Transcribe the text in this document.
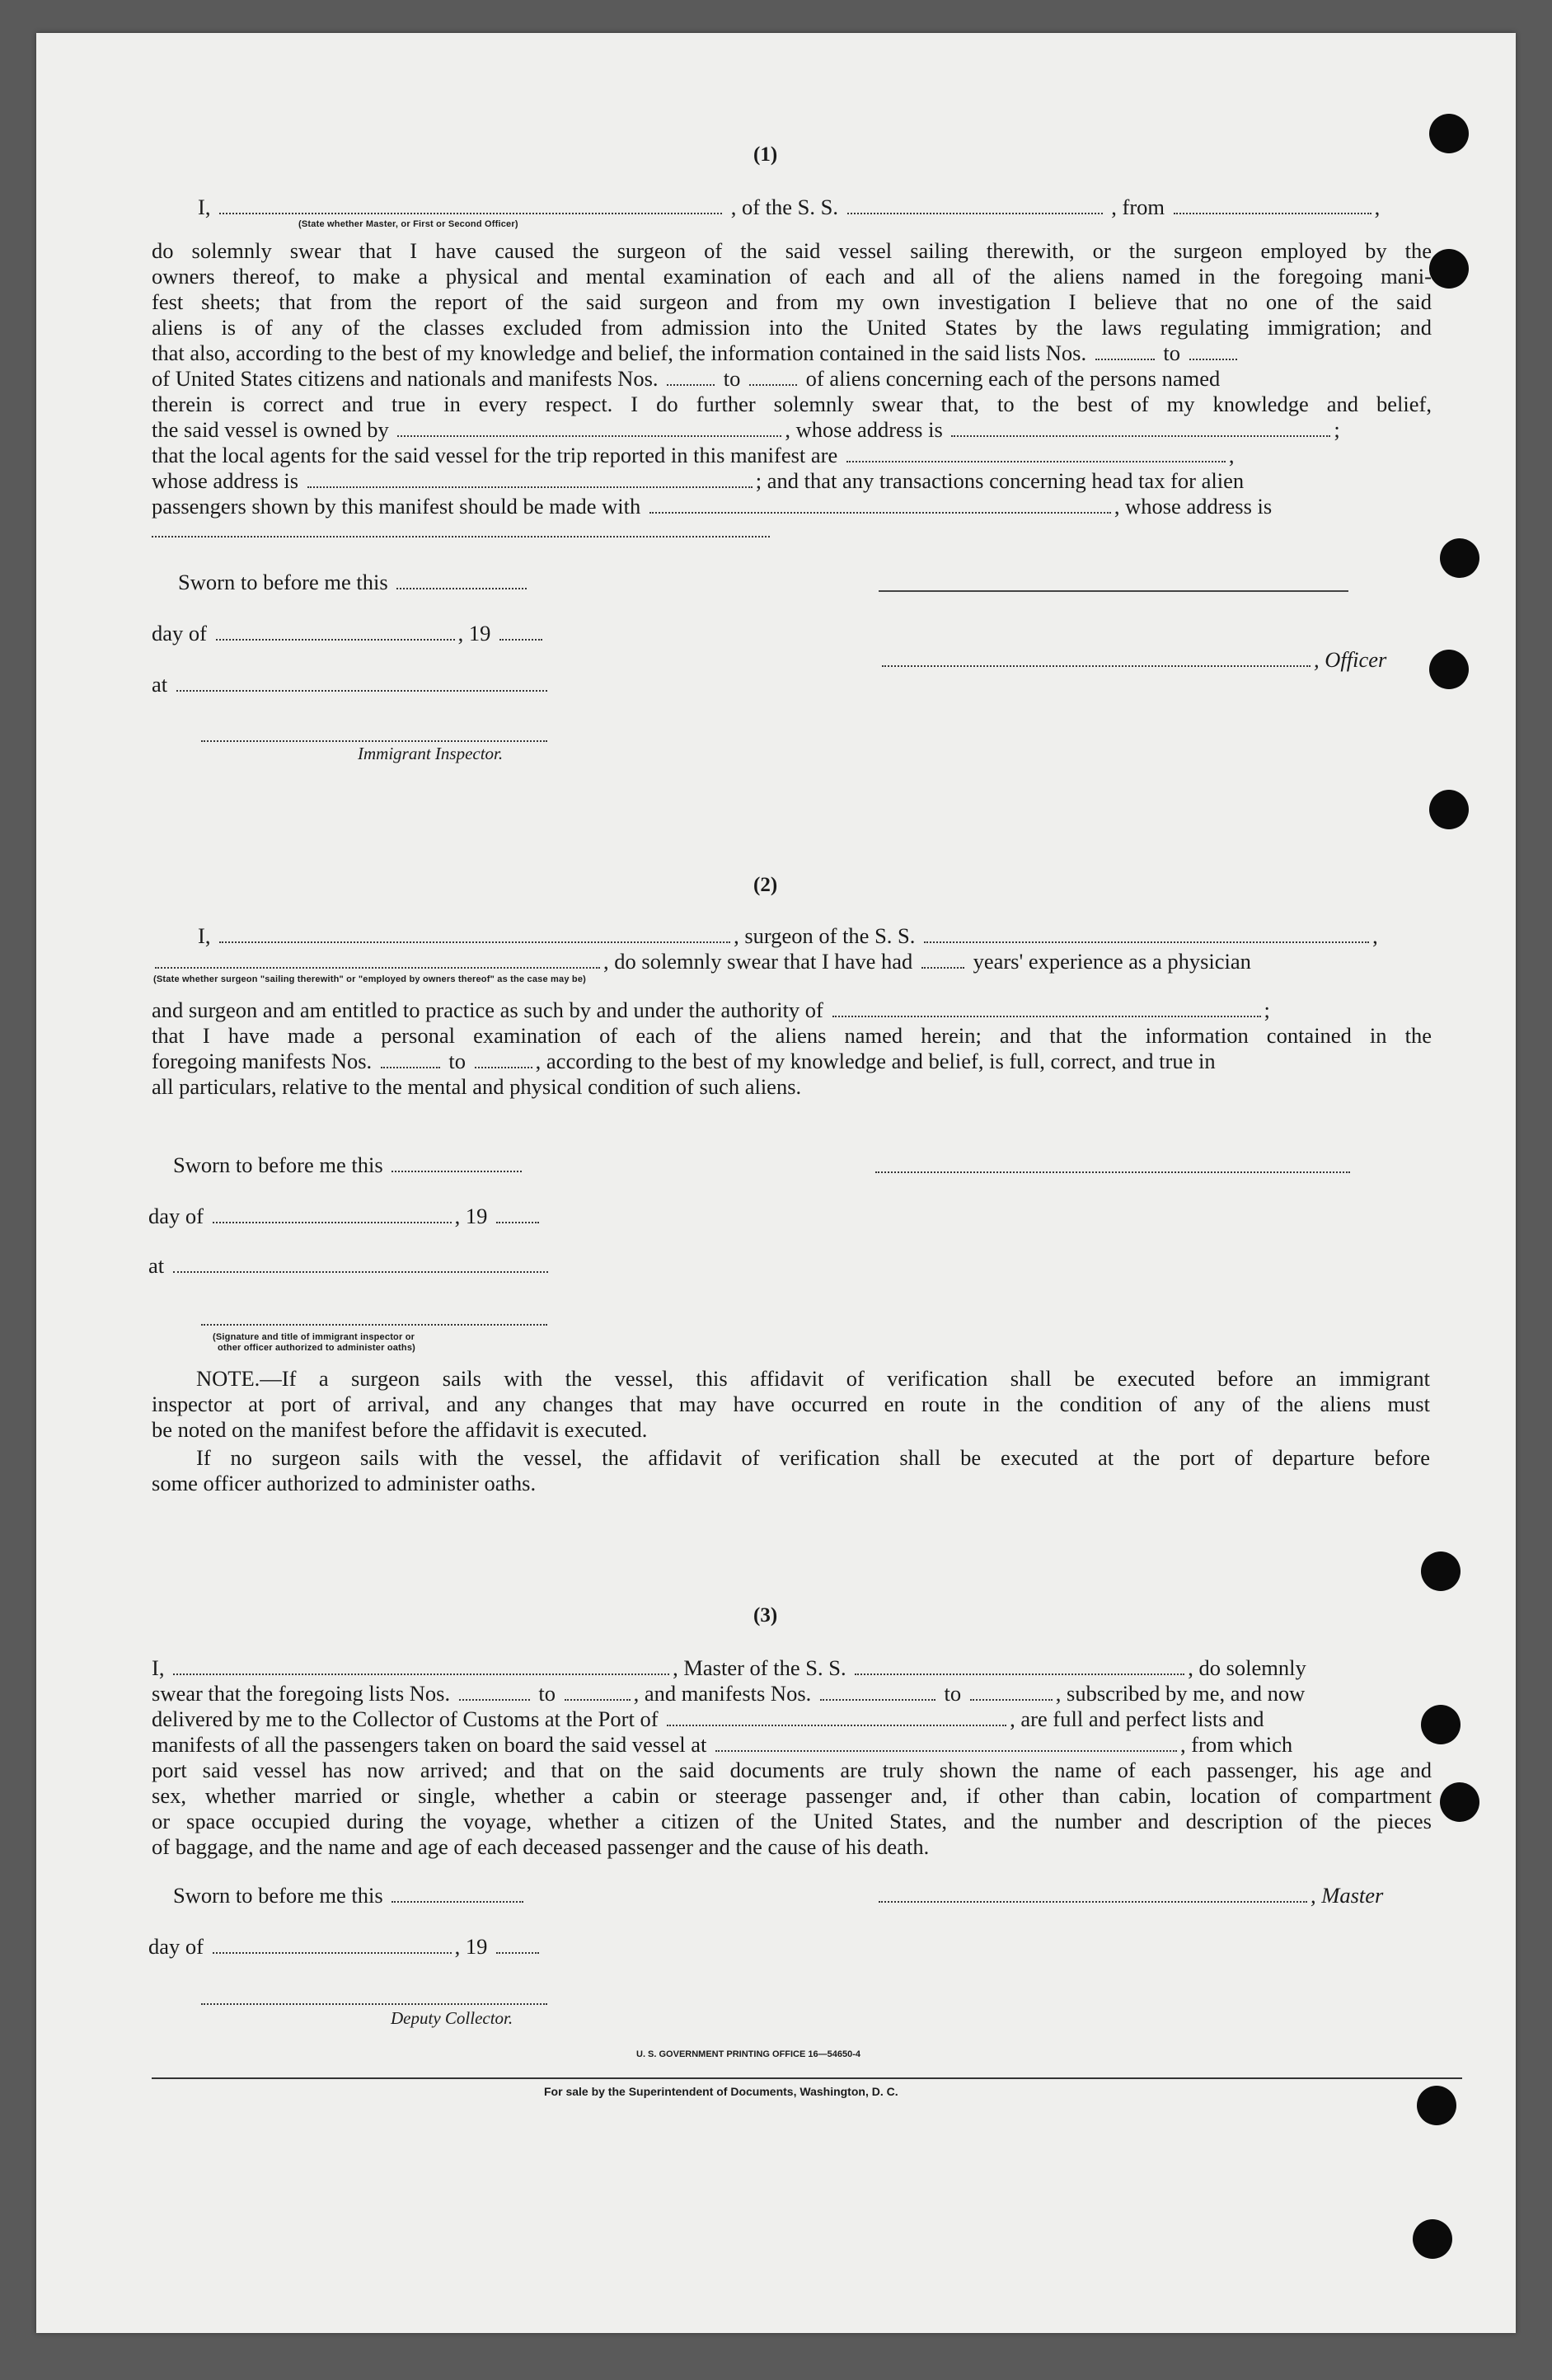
(1)
I,	, of the S. S.	, from	,
(State whether Master, or First or Second Officer)
do solemnly swear that I have caused the surgeon of the said vessel sailing therewith, or the surgeon employed by the
owners thereof, to make a physical and mental examination of each and all of the aliens named in the foregoing mani-
fest sheets; that from the report of the said surgeon and from my own investigation I believe that no one of the said
aliens is of any of the classes excluded from admission into the United States by the laws regulating immigration; and
that also, according to the best of my knowledge and belief, the information contained in the said lists Nos.	to
of United States citizens and nationals and manifests Nos.	to	of aliens concerning each of the persons named
therein is correct and true in every respect. I do further solemnly swear that, to the best of my knowledge and belief,
the said vessel is owned by	, whose address is	;
that the local agents for the said vessel for the trip reported in this manifest are	,
whose address is	; and that any transactions concerning head tax for alien
passengers shown by this manifest should be made with	, whose address is
Sworn to before me this
day of	, 19
, Officer
at
Immigrant Inspector.
(2)
I,	, surgeon of the S. S.	,
, do solemnly swear that I have had	years' experience as a physician
(State whether surgeon "sailing therewith" or "employed by owners thereof" as the case may be)
and surgeon and am entitled to practice as such by and under the authority of	;
that I have made a personal examination of each of the aliens named herein; and that the information contained in the
foregoing manifests Nos.	to	, according to the best of my knowledge and belief, is full, correct, and true in
all particulars, relative to the mental and physical condition of such aliens.
Sworn to before me this
day of	, 19
at
(Signature and title of immigrant inspector or
other officer authorized to administer oaths)
NOTE.—If a surgeon sails with the vessel, this affidavit of verification shall be executed before an immigrant
inspector at port of arrival, and any changes that may have occurred en route in the condition of any of the aliens must
be noted on the manifest before the affidavit is executed.
If no surgeon sails with the vessel, the affidavit of verification shall be executed at the port of departure before
some officer authorized to administer oaths.
(3)
I,	, Master of the S. S.	, do solemnly
swear that the foregoing lists Nos.	to	, and manifests Nos.	to	, subscribed by me, and now
delivered by me to the Collector of Customs at the Port of	, are full and perfect lists and
manifests of all the passengers taken on board the said vessel at	, from which
port said vessel has now arrived; and that on the said documents are truly shown the name of each passenger, his age and
sex, whether married or single, whether a cabin or steerage passenger and, if other than cabin, location of compartment
or space occupied during the voyage, whether a citizen of the United States, and the number and description of the pieces
of baggage, and the name and age of each deceased passenger and the cause of his death.
Sworn to before me this	, Master
day of	, 19
Deputy Collector.
U. S. GOVERNMENT PRINTING OFFICE 16—54650-4
For sale by the Superintendent of Documents, Washington, D. C.
